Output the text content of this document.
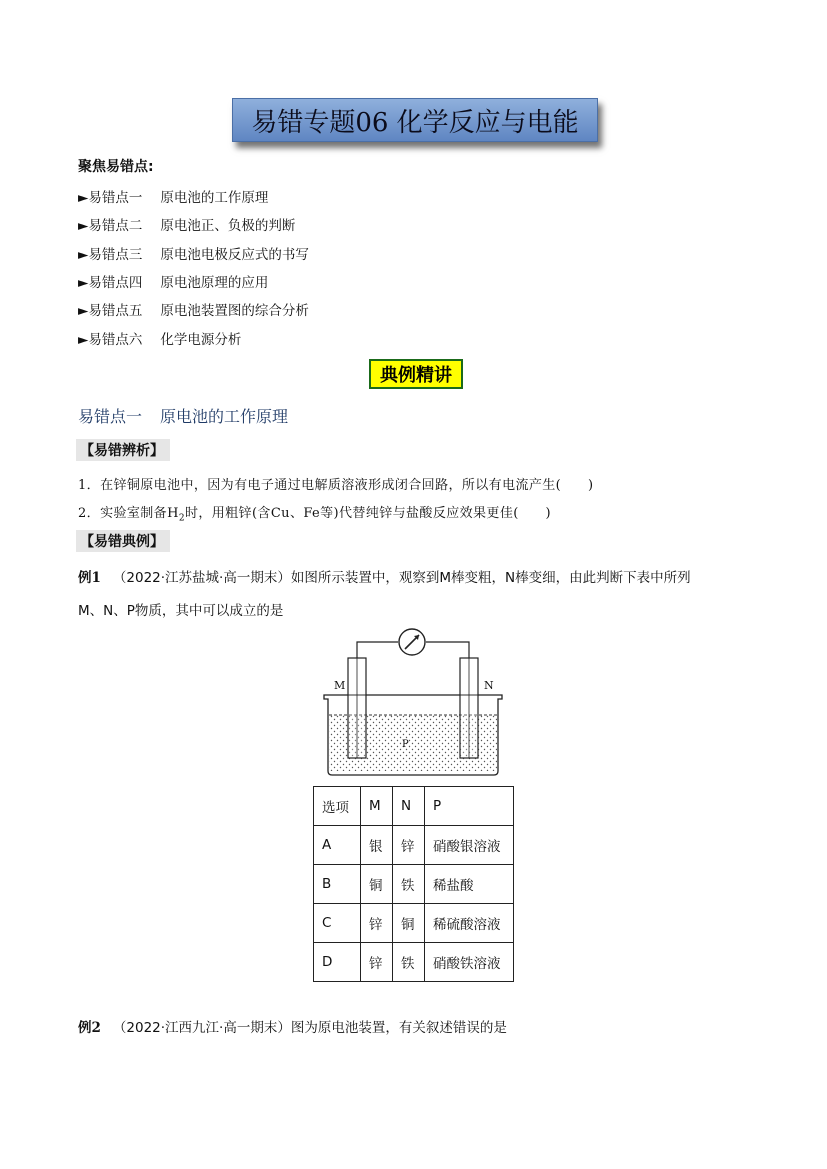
易错专题06 化学反应与电能
聚焦易错点:
►易错点一 原电池的工作原理
►易错点二 原电池正、负极的判断
►易错点三 原电池电极反应式的书写
►易错点四 原电池原理的应用
►易错点五 原电池装置图的综合分析
►易错点六 化学电源分析
典例精讲
易错点一 原电池的工作原理
【易错辨析】
1．在锌铜原电池中，因为有电子通过电解质溶液形成闭合回路，所以有电流产生(　　)
2．实验室制备$H_2$时，用粗锌(含Cu、Fe等)代替纯锌与盐酸反应效果更佳(　　)
【易错典例】
例1 （2022·江苏盐城·高一期末）如图所示装置中，观察到M棒变粗，N棒变细，由此判断下表中所列
M、N、P物质，其中可以成立的是
M	N
P
选项	M	N	P
A	银	锌	硝酸银溶液
B	铜	铁	稀盐酸
C	锌	铜	稀硫酸溶液
D	锌	铁	硝酸铁溶液
例2 （2022·江西九江·高一期末）图为原电池装置，有关叙述错误的是
